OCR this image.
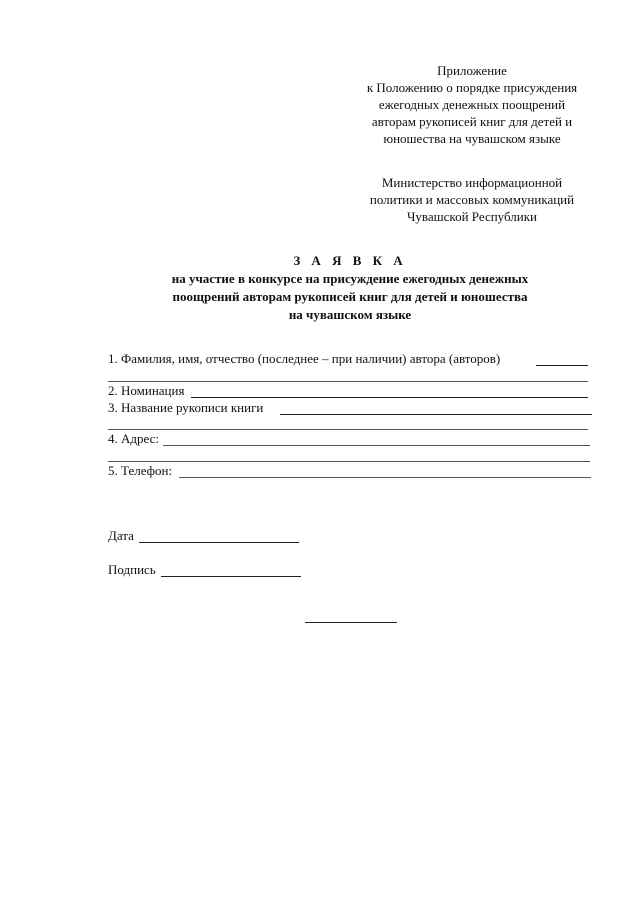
Приложение
к Положению о порядке присуждения
ежегодных денежных поощрений
авторам рукописей книг для детей и
юношества на чувашском языке
Министерство информационной
политики и массовых коммуникаций
Чувашской Республики
З А Я В К А
на участие в конкурсе на присуждение ежегодных денежных
поощрений авторам рукописей книг для детей и юношества
на чувашском языке
1. Фамилия, имя, отчество (последнее – при наличии) автора (авторов)
2. Номинация
3. Название рукописи книги
4. Адрес:
5. Телефон:
Дата
Подпись
